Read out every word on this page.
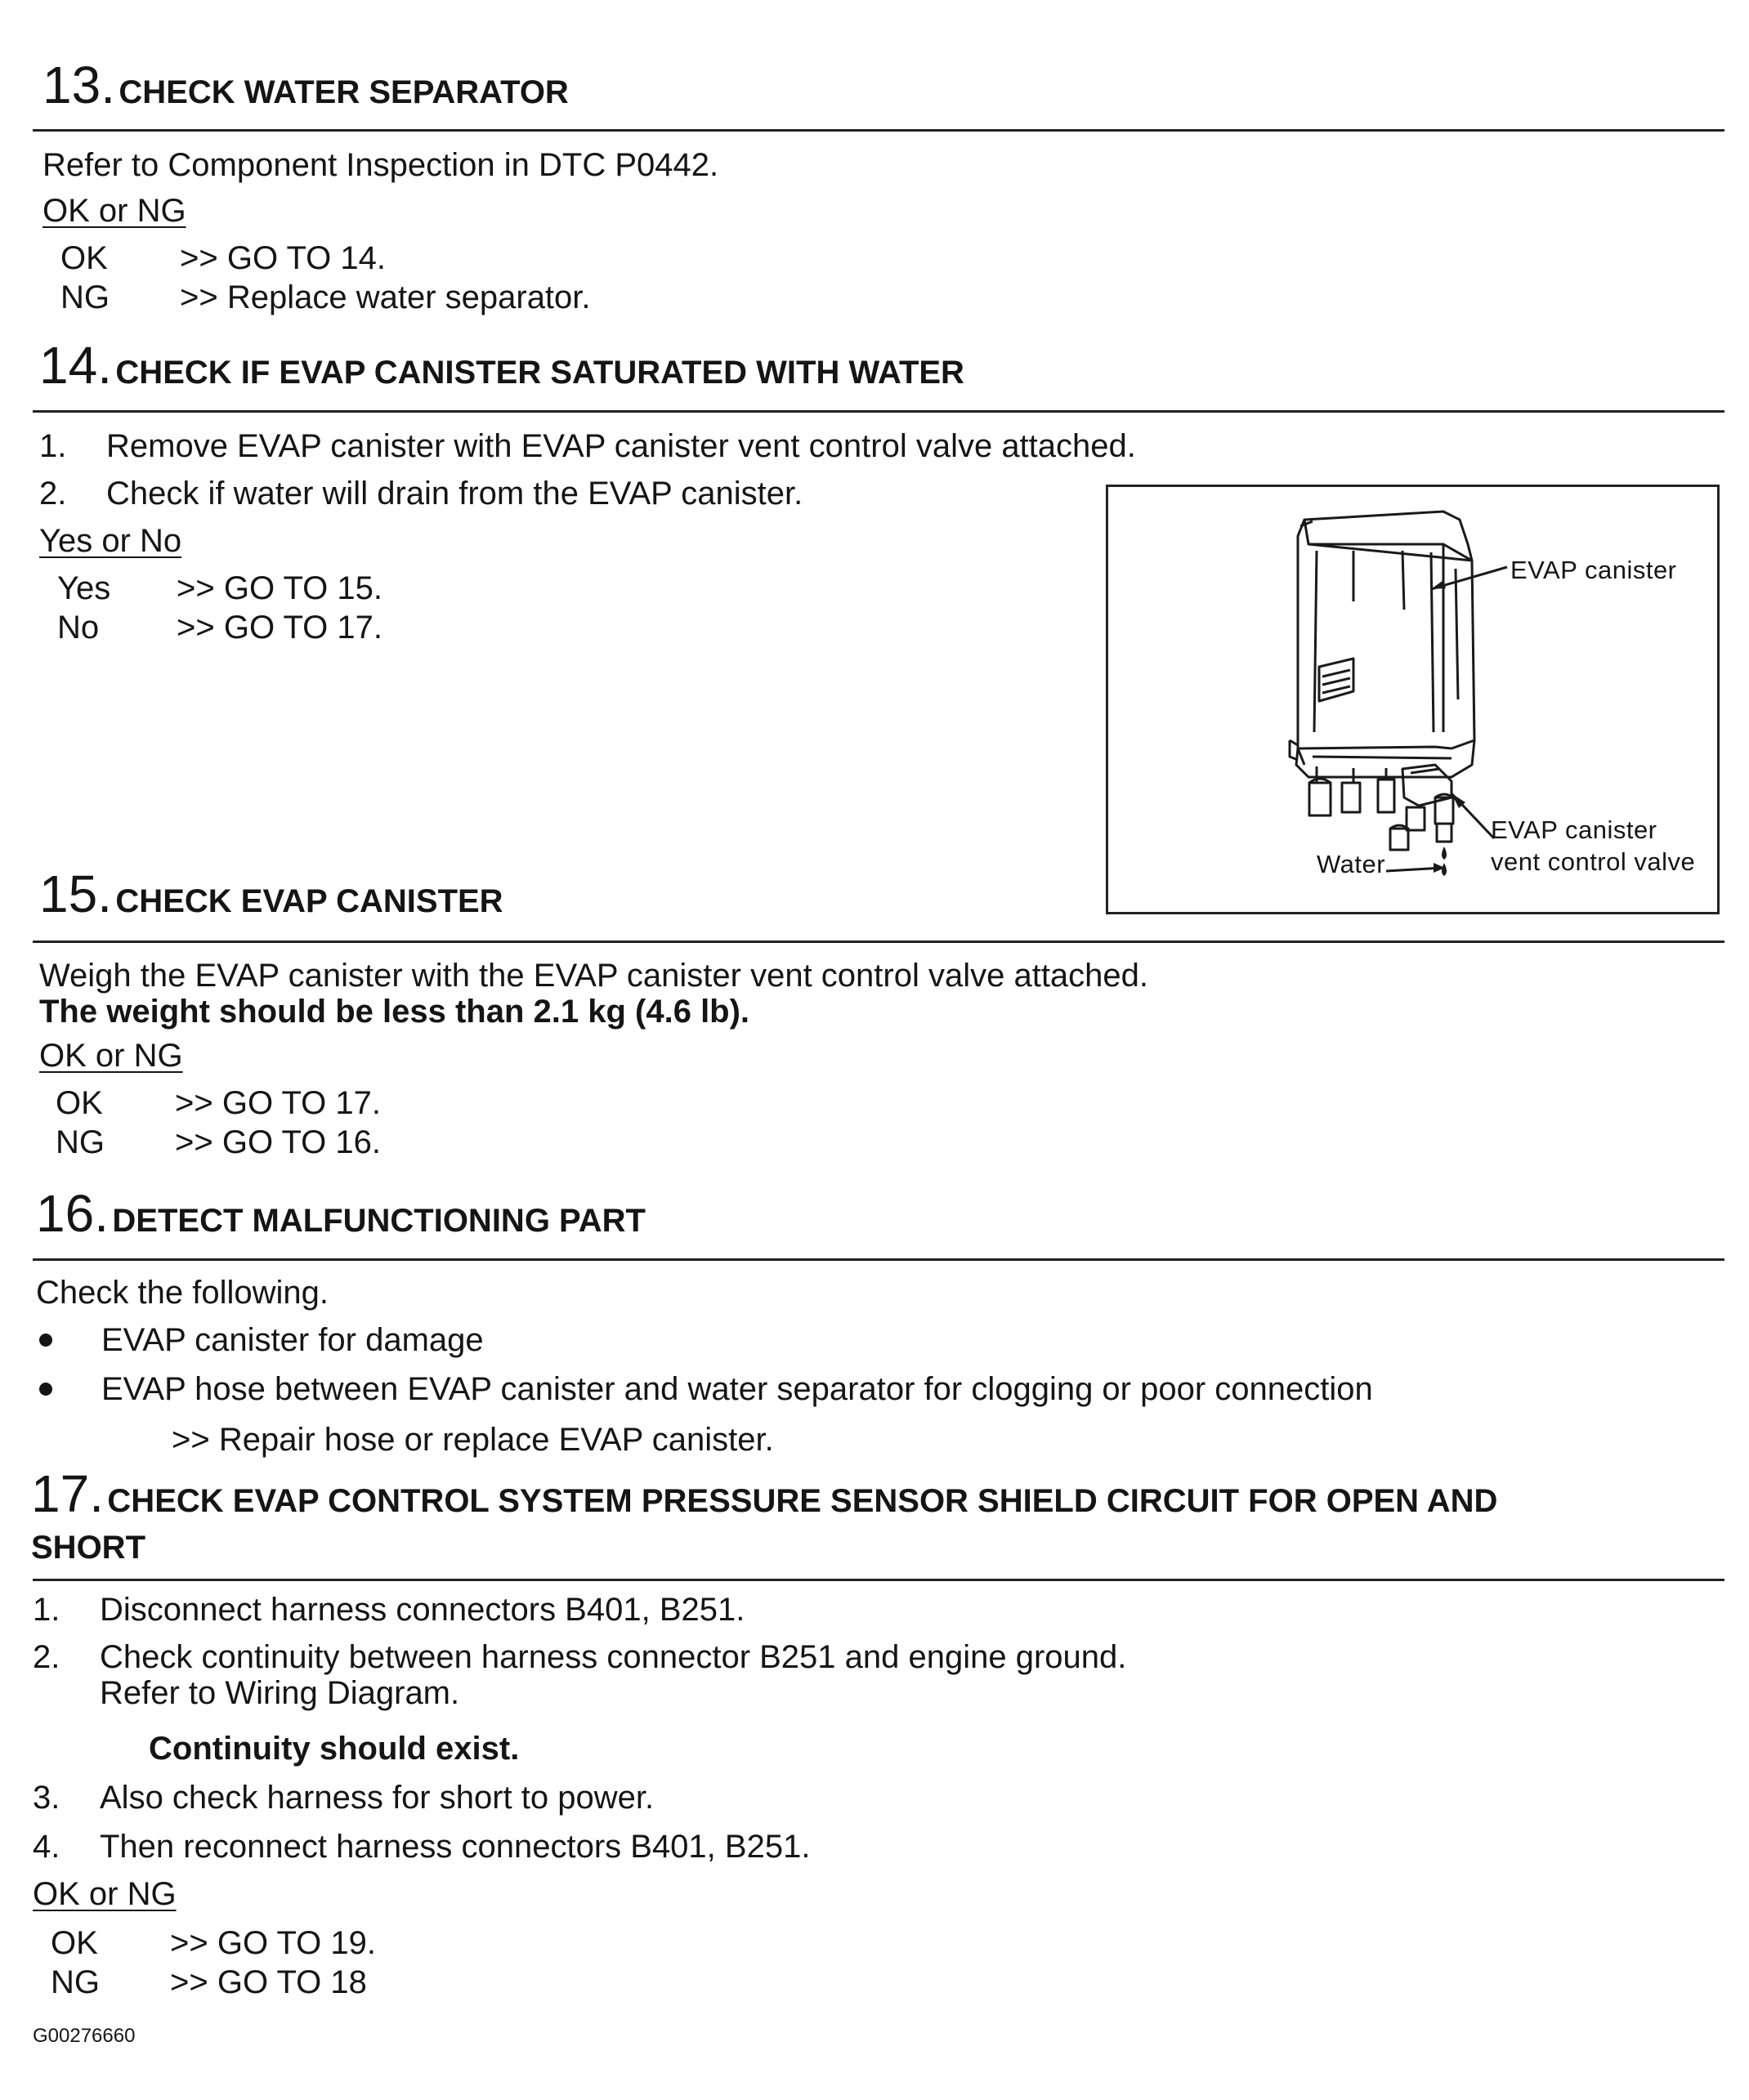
13. CHECK WATER SEPARATOR
Refer to Component Inspection in DTC P0442.
OK or NG
OK >> GO TO 14.
NG >> Replace water separator.
14. CHECK IF EVAP CANISTER SATURATED WITH WATER
1. Remove EVAP canister with EVAP canister vent control valve attached.
2. Check if water will drain from the EVAP canister.
Yes or No
Yes >> GO TO 15.
No >> GO TO 17.
EVAP canister
EVAP canister
vent control valve
Water
15. CHECK EVAP CANISTER
Weigh the EVAP canister with the EVAP canister vent control valve attached.
The weight should be less than 2.1 kg (4.6 lb).
OK or NG
OK >> GO TO 17.
NG >> GO TO 16.
16. DETECT MALFUNCTIONING PART
Check the following.
EVAP canister for damage
EVAP hose between EVAP canister and water separator for clogging or poor connection
>> Repair hose or replace EVAP canister.
17. CHECK EVAP CONTROL SYSTEM PRESSURE SENSOR SHIELD CIRCUIT FOR OPEN AND
SHORT
1. Disconnect harness connectors B401, B251.
2. Check continuity between harness connector B251 and engine ground.
Refer to Wiring Diagram.
Continuity should exist.
3. Also check harness for short to power.
4. Then reconnect harness connectors B401, B251.
OK or NG
OK >> GO TO 19.
NG >> GO TO 18
G00276660
